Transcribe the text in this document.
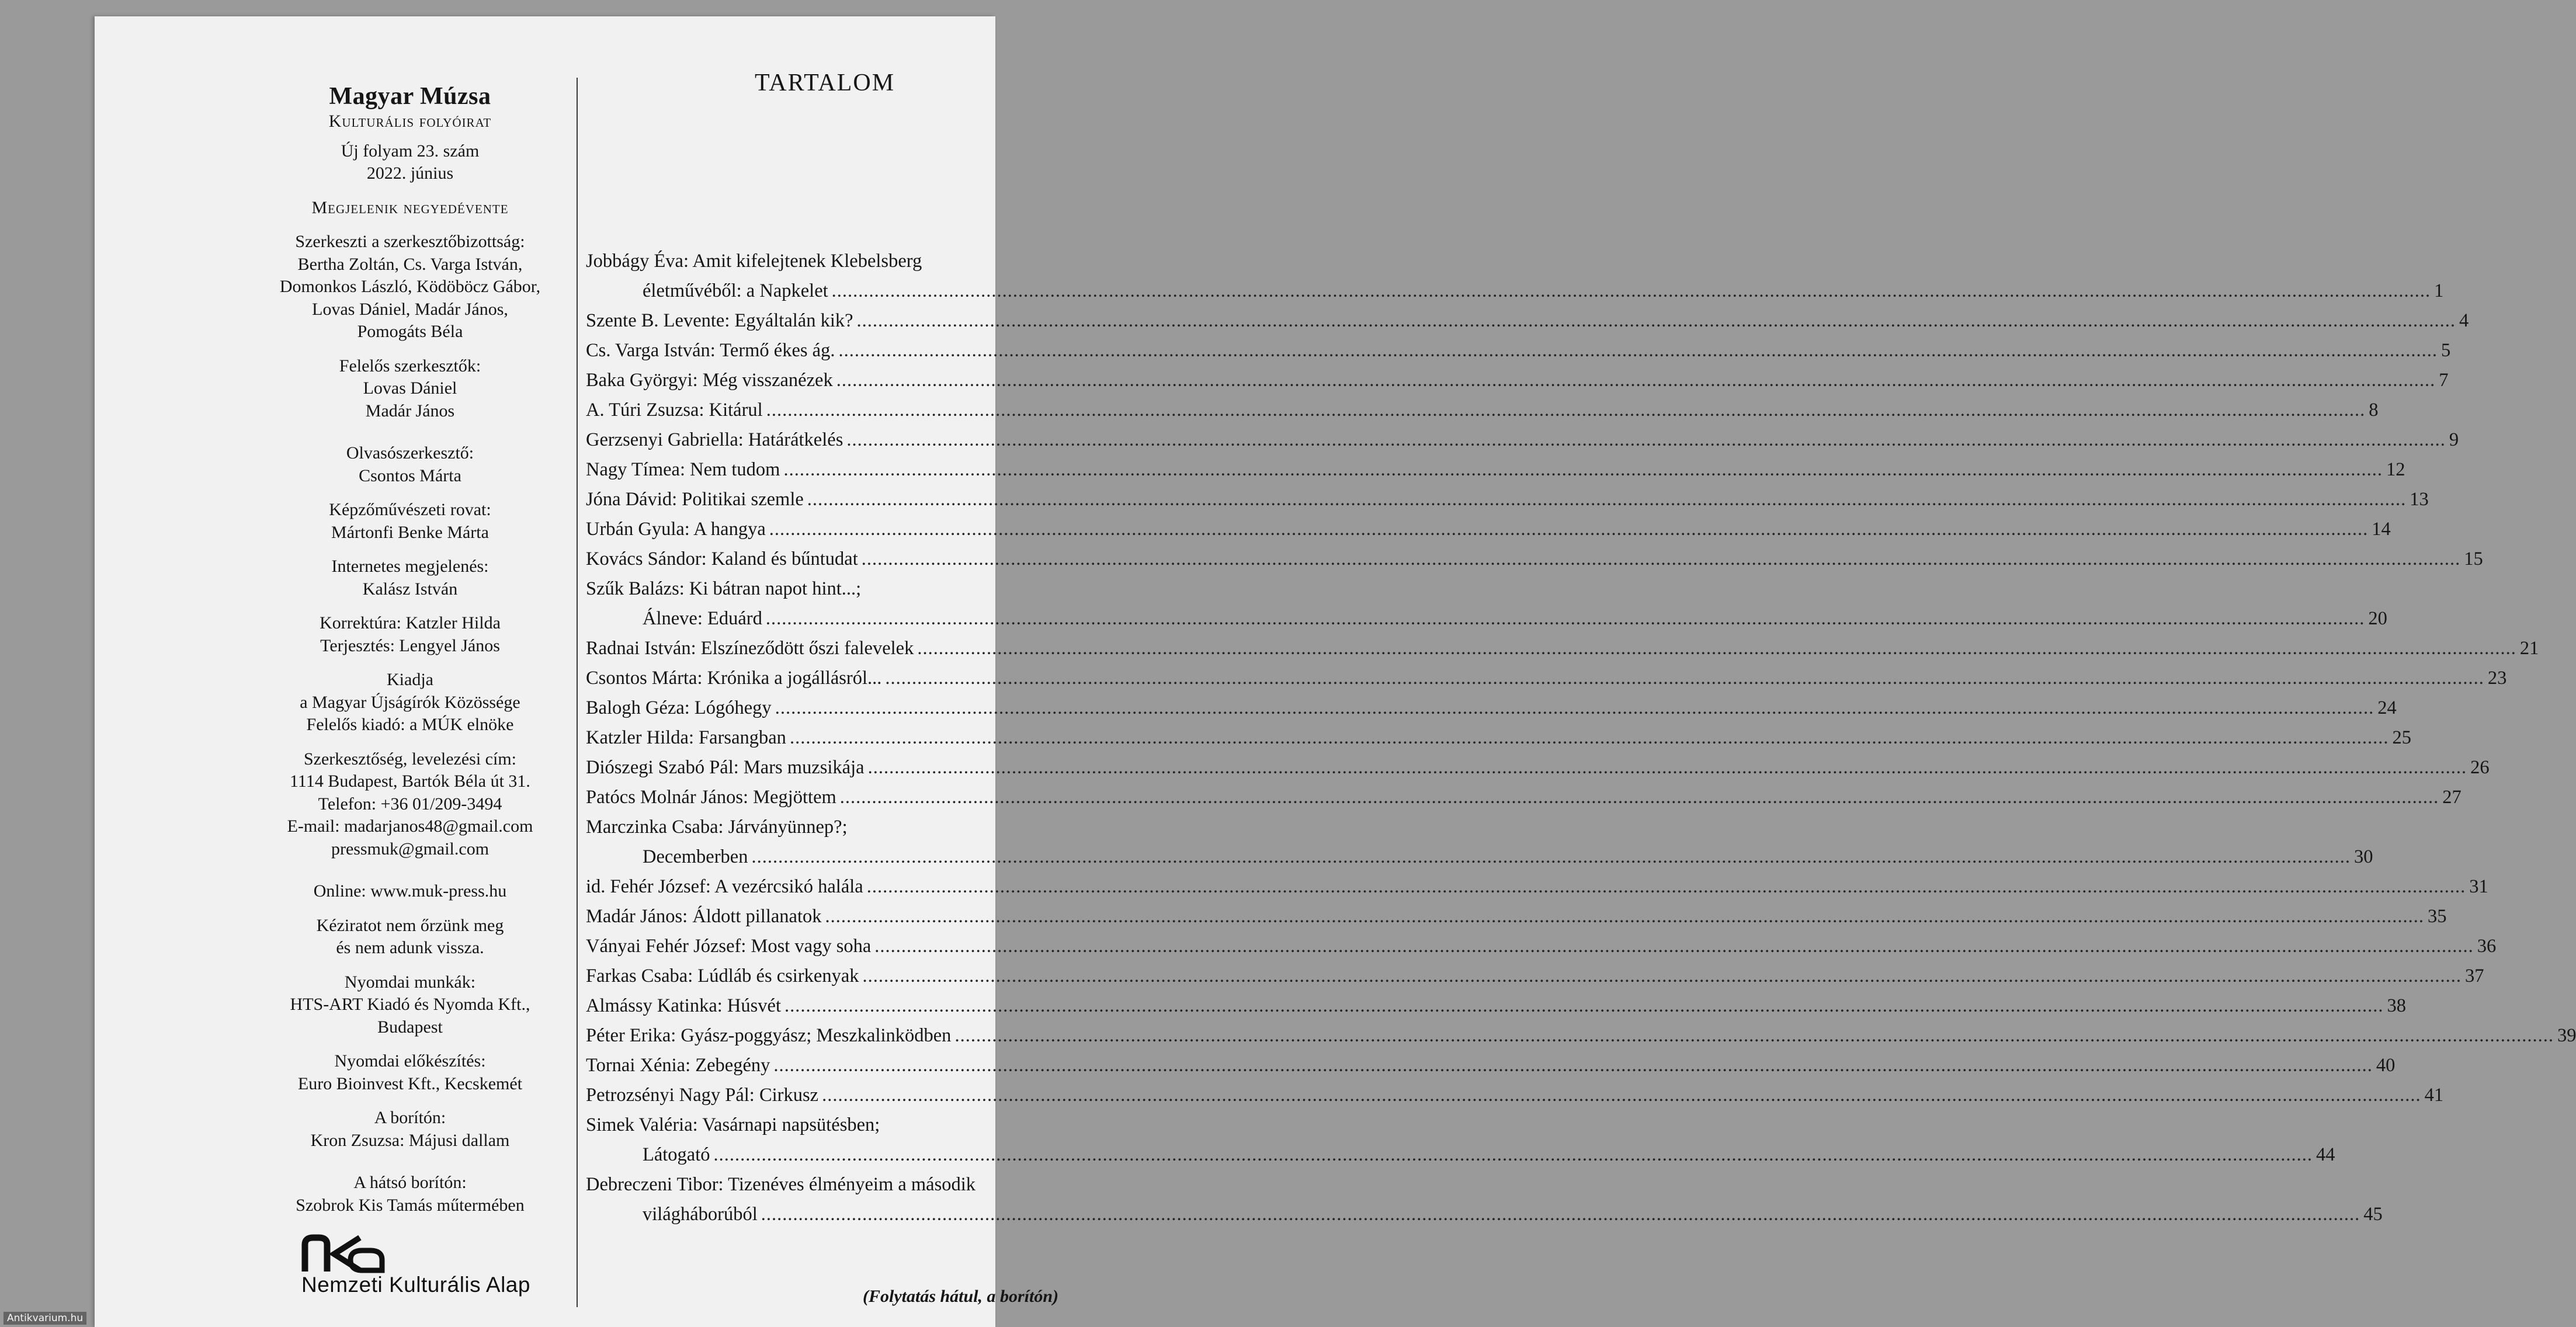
Magyar Múzsa
Kulturális folyóirat
Új folyam 23. szám
2022. június
Megjelenik negyedévente
Szerkeszti a szerkesztőbizottság:
Bertha Zoltán, Cs. Varga István,
Domonkos László, Ködöböcz Gábor,
Lovas Dániel, Madár János,
Pomogáts Béla
Felelős szerkesztők:
Lovas Dániel
Madár János
Olvasószerkesztő:
Csontos Márta
Képzőművészeti rovat:
Mártonfi Benke Márta
Internetes megjelenés:
Kalász István
Korrektúra: Katzler Hilda
Terjesztés: Lengyel János
Kiadja
a Magyar Újságírók Közössége
Felelős kiadó: a MÚK elnöke
Szerkesztőség, levelezési cím:
1114 Budapest, Bartók Béla út 31.
Telefon: +36 01/209-3494
E-mail: madarjanos48@gmail.com
pressmuk@gmail.com
Online: www.muk-press.hu
Kéziratot nem őrzünk meg
és nem adunk vissza.
Nyomdai munkák:
HTS-ART Kiadó és Nyomda Kft.,
Budapest
Nyomdai előkészítés:
Euro Bioinvest Kft., Kecskemét
A borítón:
Kron Zsuzsa: Májusi dallam
A hátsó borítón:
Szobrok Kis Tamás műtermében
Nemzeti Kulturális Alap
TARTALOM
Jobbágy Éva: Amit kifelejtenek Klebelsberg
életművéből: a Napkelet ............................................................................................................................................................................................................................................................................................................ 1
Szente B. Levente: Egyáltalán kik? ............................................................................................................................................................................................................................................................................................................ 4
Cs. Varga István: Termő ékes ág. ............................................................................................................................................................................................................................................................................................................ 5
Baka Györgyi: Még visszanézek ............................................................................................................................................................................................................................................................................................................ 7
A. Túri Zsuzsa: Kitárul ............................................................................................................................................................................................................................................................................................................ 8
Gerzsenyi Gabriella: Határátkelés ............................................................................................................................................................................................................................................................................................................ 9
Nagy Tímea: Nem tudom ............................................................................................................................................................................................................................................................................................................ 12
Jóna Dávid: Politikai szemle ............................................................................................................................................................................................................................................................................................................ 13
Urbán Gyula: A hangya ............................................................................................................................................................................................................................................................................................................ 14
Kovács Sándor: Kaland és bűntudat ............................................................................................................................................................................................................................................................................................................ 15
Szűk Balázs: Ki bátran napot hint...;
Álneve: Eduárd ............................................................................................................................................................................................................................................................................................................ 20
Radnai István: Elszíneződött őszi falevelek ............................................................................................................................................................................................................................................................................................................ 21
Csontos Márta: Krónika a jogállásról... ............................................................................................................................................................................................................................................................................................................ 23
Balogh Géza: Lógóhegy ............................................................................................................................................................................................................................................................................................................ 24
Katzler Hilda: Farsangban ............................................................................................................................................................................................................................................................................................................ 25
Diószegi Szabó Pál: Mars muzsikája ............................................................................................................................................................................................................................................................................................................ 26
Patócs Molnár János: Megjöttem ............................................................................................................................................................................................................................................................................................................ 27
Marczinka Csaba: Járványünnep?;
Decemberben ............................................................................................................................................................................................................................................................................................................ 30
id. Fehér József: A vezércsikó halála ............................................................................................................................................................................................................................................................................................................ 31
Madár János: Áldott pillanatok ............................................................................................................................................................................................................................................................................................................ 35
Ványai Fehér József: Most vagy soha ............................................................................................................................................................................................................................................................................................................ 36
Farkas Csaba: Lúdláb és csirkenyak ............................................................................................................................................................................................................................................................................................................ 37
Almássy Katinka: Húsvét ............................................................................................................................................................................................................................................................................................................ 38
Péter Erika: Gyász-poggyász; Meszkalinködben ............................................................................................................................................................................................................................................................................................................ 39
Tornai Xénia: Zebegény ............................................................................................................................................................................................................................................................................................................ 40
Petrozsényi Nagy Pál: Cirkusz ............................................................................................................................................................................................................................................................................................................ 41
Simek Valéria: Vasárnapi napsütésben;
Látogató ............................................................................................................................................................................................................................................................................................................ 44
Debreczeni Tibor: Tizenéves élményeim a második
világháborúból ............................................................................................................................................................................................................................................................................................................ 45
(Folytatás hátul, a borítón)
Antikvarium.hu
